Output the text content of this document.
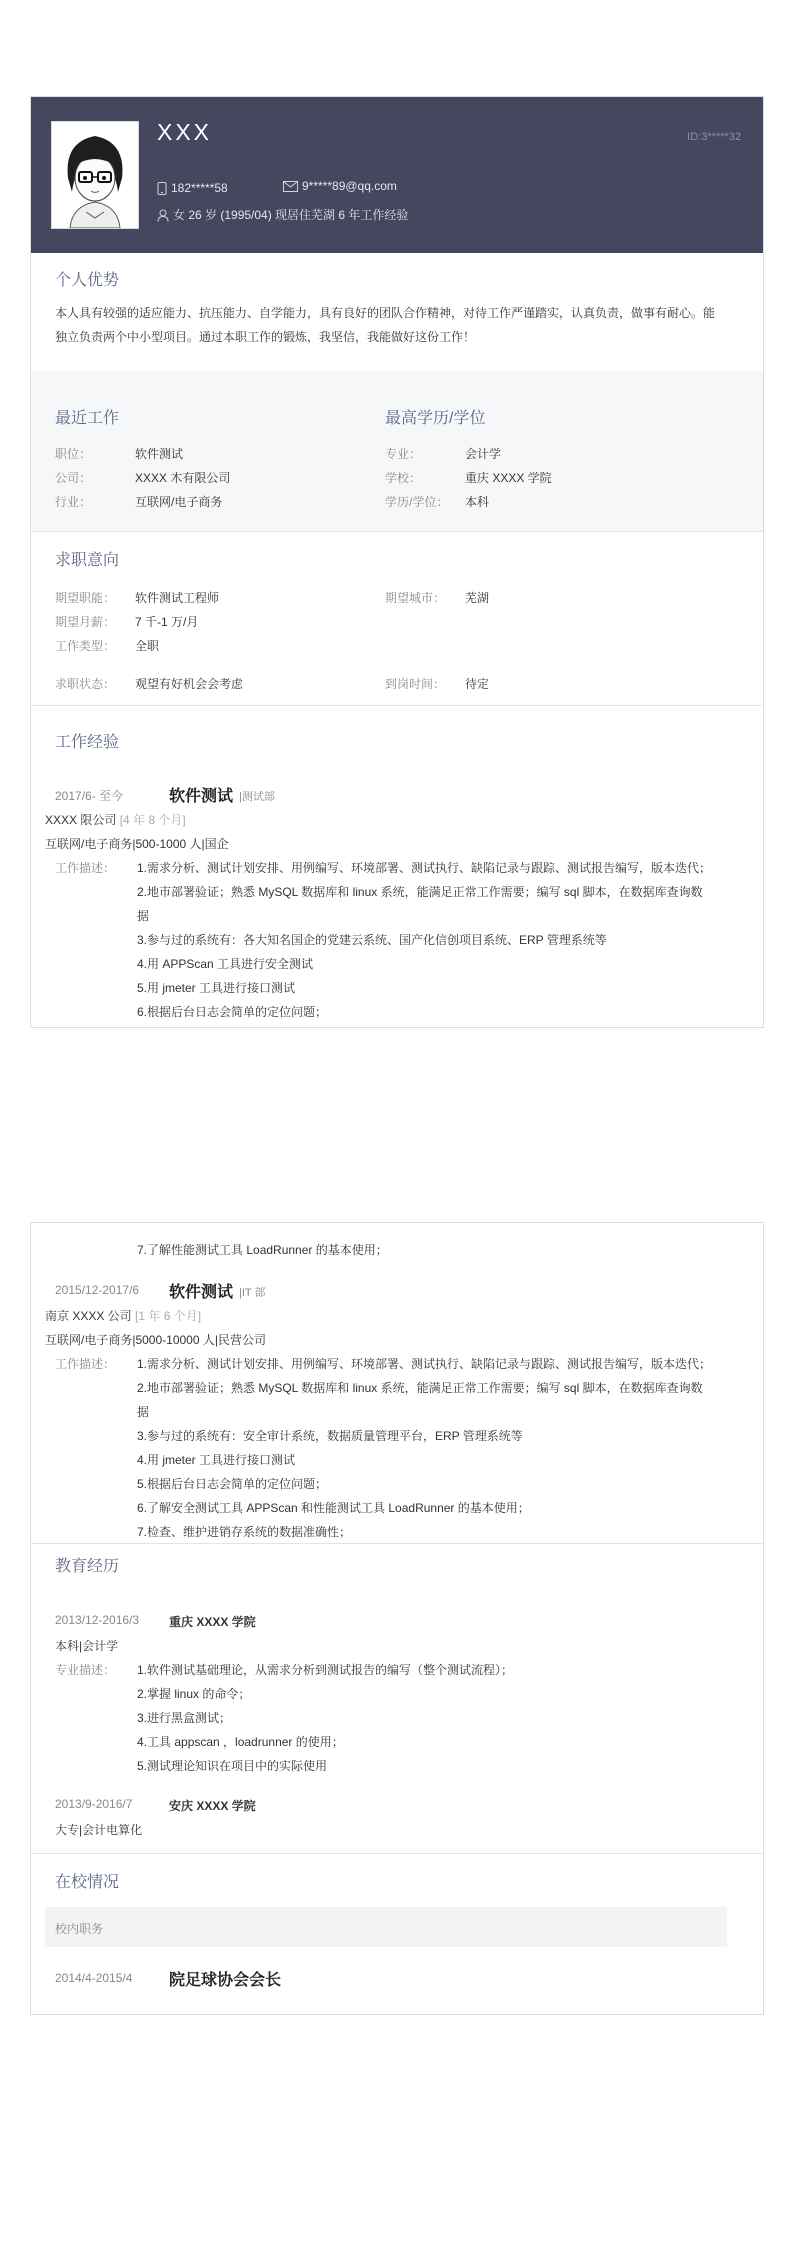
XXX	ID:3*****32
182*****58	9*****89@qq.com
女 26 岁 (1995/04) 现居住芜湖 6 年工作经验
个人优势
本人具有较强的适应能力、抗压能力、自学能力，具有良好的团队合作精神，对待工作严谨踏实，认真负责，做事有耐心。能
独立负责两个中小型项目。通过本职工作的锻炼，我坚信，我能做好这份工作！
最近工作
职位：	软件测试
公司：	XXXX 木有限公司
行业：	互联网/电子商务
最高学历/学位
专业：	会计学
学校：	重庆 XXXX 学院
学历/学位： 本科
求职意向
期望职能： 软件测试工程师	期望城市： 芜湖
期望月薪： 7 千-1 万/月
工作类型： 全职
求职状态： 观望有好机会会考虑	到岗时间： 待定
工作经验
2017/6- 至今	软件测试 |测试部
XXXX 限公司 [4 年 8 个月]
互联网/电子商务|500-1000 人|国企
工作描述： 1.需求分析、测试计划安排、用例编写、环境部署、测试执行、缺陷记录与跟踪、测试报告编写，版本迭代；
2.地市部署验证；熟悉 MySQL 数据库和 linux 系统，能满足正常工作需要；编写 sql 脚本，在数据库查询数
据
3.参与过的系统有：各大知名国企的党建云系统、国产化信创项目系统、ERP 管理系统等
4.用 APPScan 工具进行安全测试
5.用 jmeter 工具进行接口测试
6.根据后台日志会简单的定位问题；
7.了解性能测试工具 LoadRunner 的基本使用；
2015/12-2017/6 软件测试 |IT 部
南京 XXXX 公司 [1 年 6 个月]
互联网/电子商务|5000-10000 人|民营公司
工作描述： 1.需求分析、测试计划安排、用例编写、环境部署、测试执行、缺陷记录与跟踪、测试报告编写，版本迭代；
2.地市部署验证；熟悉 MySQL 数据库和 linux 系统，能满足正常工作需要；编写 sql 脚本，在数据库查询数
据
3.参与过的系统有：安全审计系统，数据质量管理平台，ERP 管理系统等
4.用 jmeter 工具进行接口测试
5.根据后台日志会简单的定位问题；
6.了解安全测试工具 APPScan 和性能测试工具 LoadRunner 的基本使用；
7.检查、维护进销存系统的数据准确性；
教育经历
2013/12-2016/3 重庆 XXXX 学院
本科|会计学
专业描述： 1.软件测试基础理论，从需求分析到测试报告的编写（整个测试流程）；
2.掌握 linux 的命令；
3.进行黑盒测试；
4.工具 appscan ，loadrunner 的使用；
5.测试理论知识在项目中的实际使用
2013/9-2016/7	安庆 XXXX 学院
大专|会计电算化
在校情况
校内职务
2014/4-2015/4 院足球协会会长
